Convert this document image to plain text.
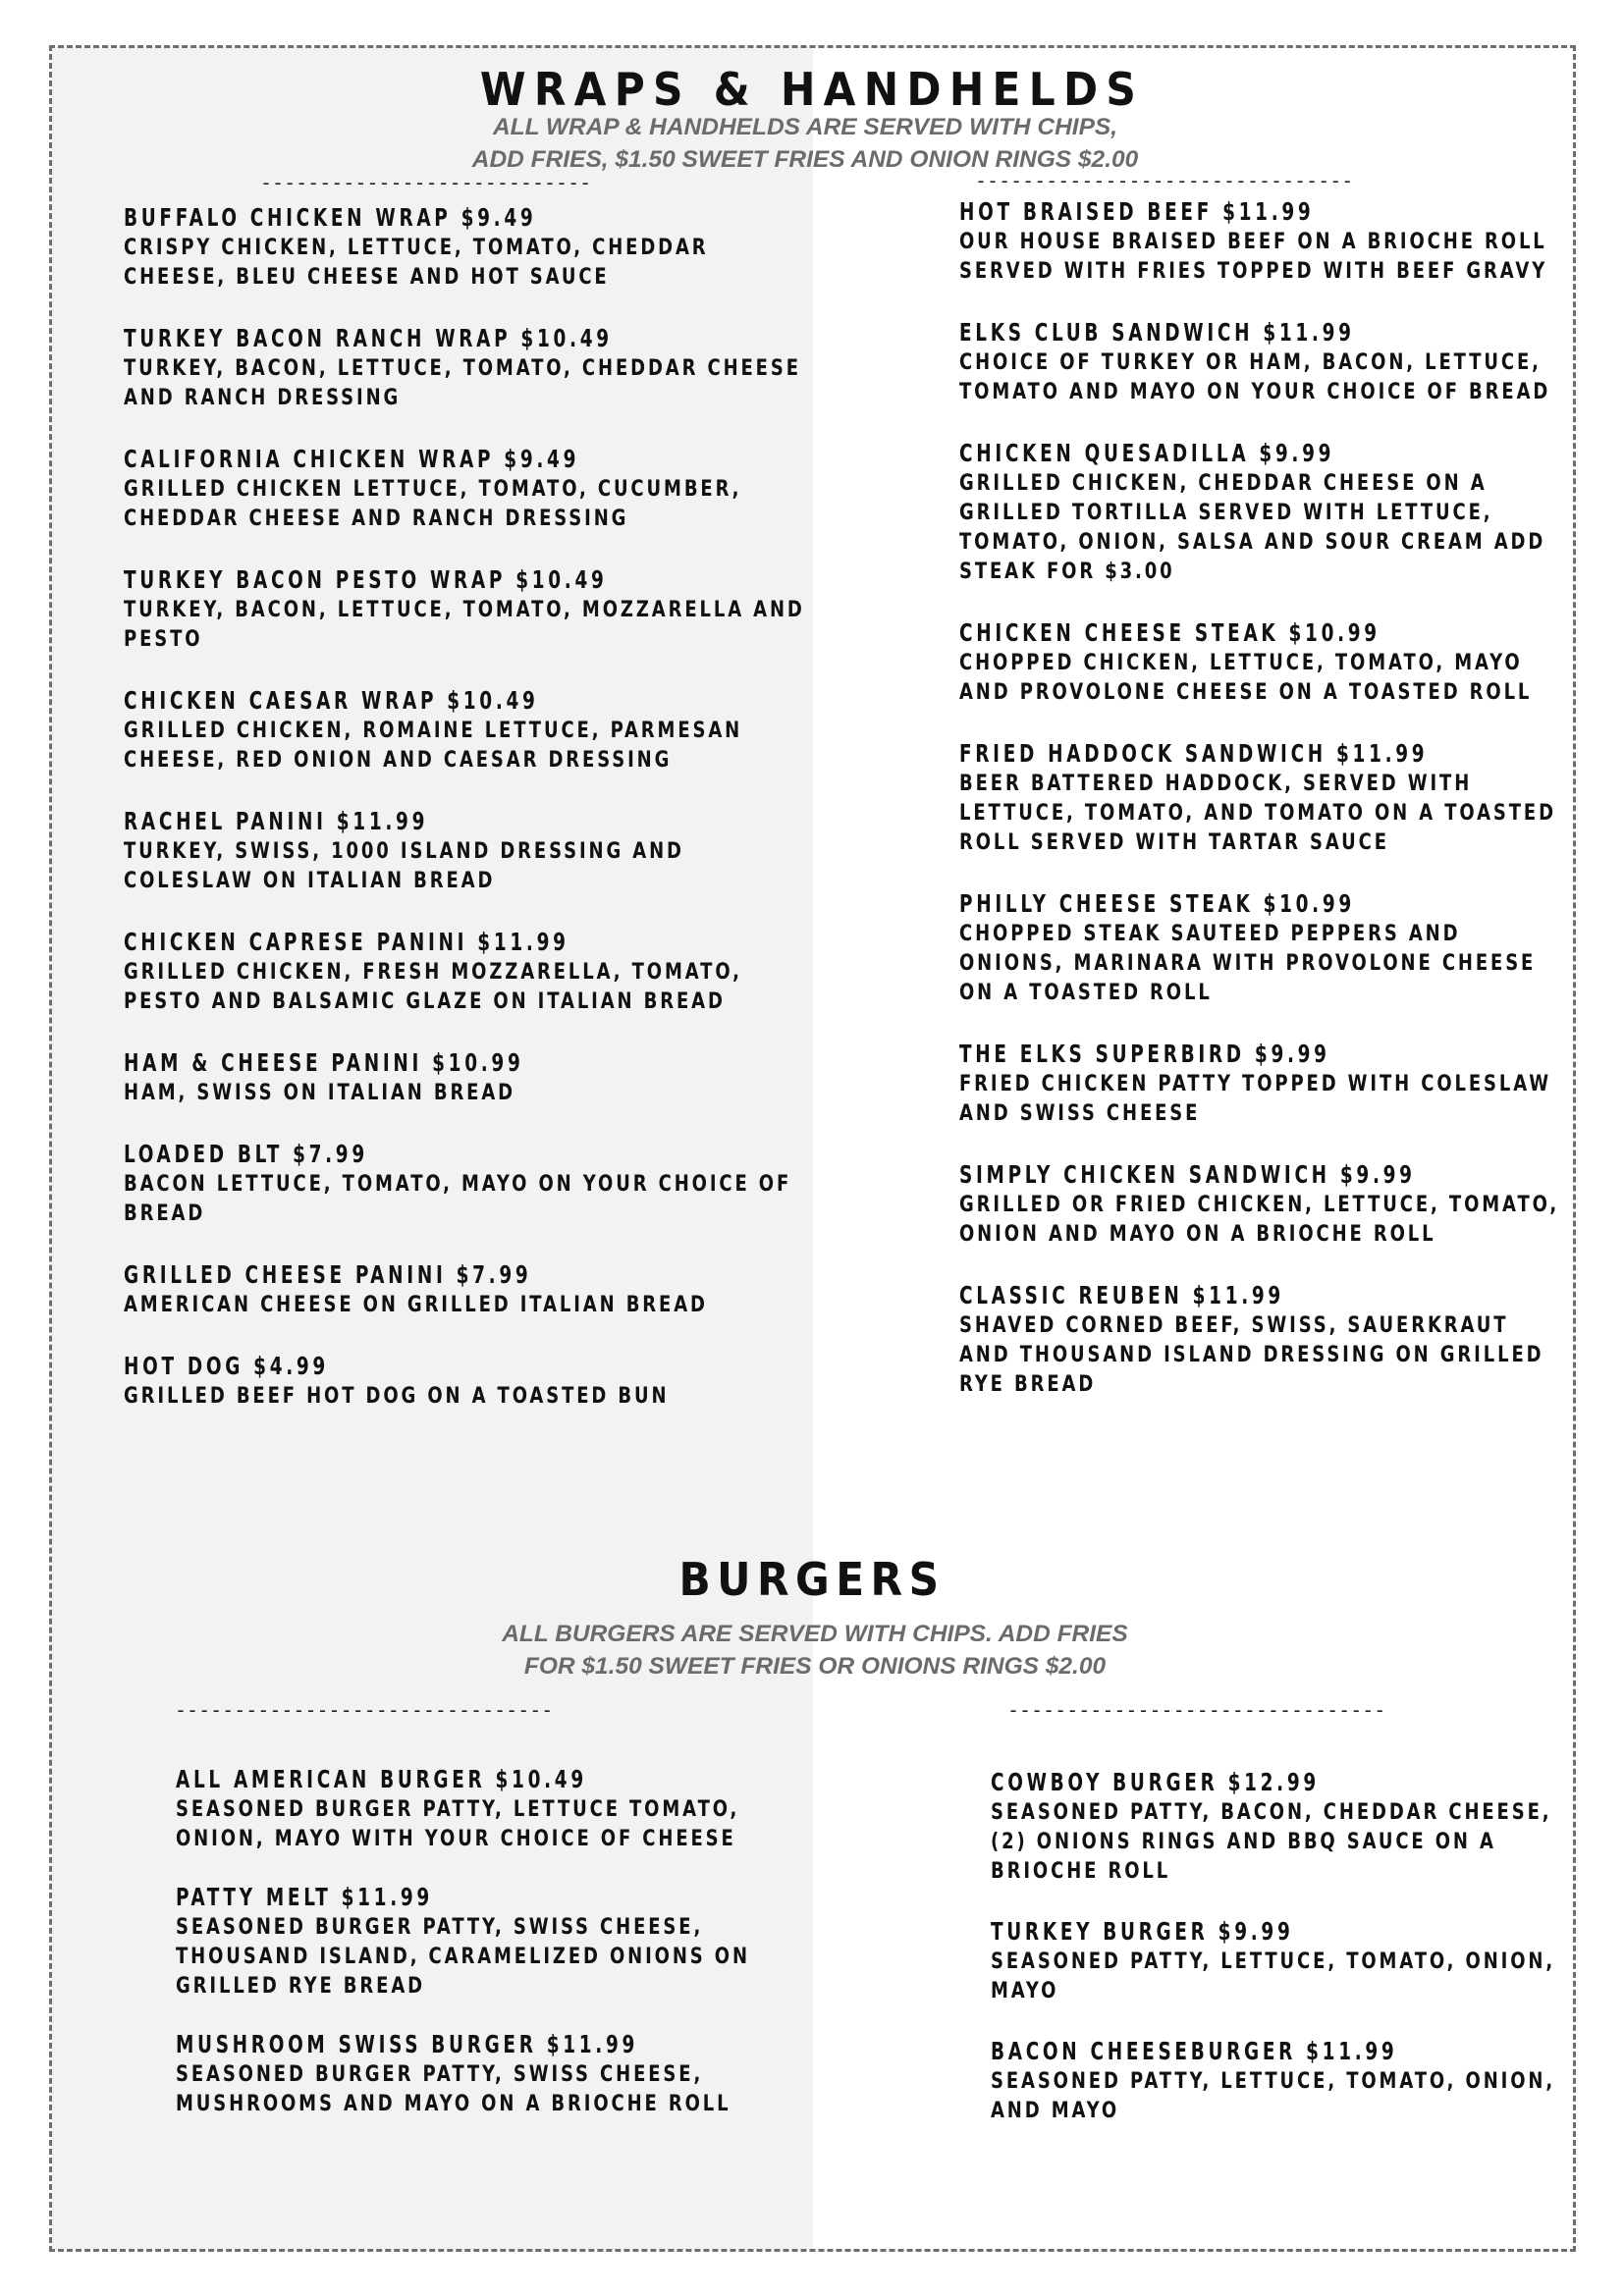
WRAPS & HANDHELDS
ALL WRAP & HANDHELDS ARE SERVED WITH CHIPS,
ADD FRIES, $1.50 SWEET FRIES AND ONION RINGS $2.00
----------------------------	--------------------------------
BUFFALO CHICKEN WRAP $9.49
CRISPY CHICKEN, LETTUCE, TOMATO, CHEDDAR CHEESE, BLEU CHEESE AND HOT SAUCE
TURKEY BACON RANCH WRAP $10.49
TURKEY, BACON, LETTUCE, TOMATO, CHEDDAR CHEESE AND RANCH DRESSING
CALIFORNIA CHICKEN WRAP $9.49
GRILLED CHICKEN LETTUCE, TOMATO, CUCUMBER, CHEDDAR CHEESE AND RANCH DRESSING
TURKEY BACON PESTO WRAP $10.49
TURKEY, BACON, LETTUCE, TOMATO, MOZZARELLA AND PESTO
CHICKEN CAESAR WRAP $10.49
GRILLED CHICKEN, ROMAINE LETTUCE, PARMESAN CHEESE, RED ONION AND CAESAR DRESSING
RACHEL PANINI $11.99
TURKEY, SWISS, 1000 ISLAND DRESSING AND COLESLAW ON ITALIAN BREAD
CHICKEN CAPRESE PANINI $11.99
GRILLED CHICKEN, FRESH MOZZARELLA, TOMATO, PESTO AND BALSAMIC GLAZE ON ITALIAN BREAD
HAM & CHEESE PANINI $10.99
HAM, SWISS ON ITALIAN BREAD
LOADED BLT $7.99
BACON LETTUCE, TOMATO, MAYO ON YOUR CHOICE OF BREAD
GRILLED CHEESE PANINI $7.99
AMERICAN CHEESE ON GRILLED ITALIAN BREAD
HOT DOG $4.99
GRILLED BEEF HOT DOG ON A TOASTED BUN
HOT BRAISED BEEF $11.99
OUR HOUSE BRAISED BEEF ON A BRIOCHE ROLL SERVED WITH FRIES TOPPED WITH BEEF GRAVY
ELKS CLUB SANDWICH $11.99
CHOICE OF TURKEY OR HAM, BACON, LETTUCE, TOMATO AND MAYO ON YOUR CHOICE OF BREAD
CHICKEN QUESADILLA $9.99
GRILLED CHICKEN, CHEDDAR CHEESE ON A GRILLED TORTILLA SERVED WITH LETTUCE, TOMATO, ONION, SALSA AND SOUR CREAM ADD STEAK FOR $3.00
CHICKEN CHEESE STEAK $10.99
CHOPPED CHICKEN, LETTUCE, TOMATO, MAYO AND PROVOLONE CHEESE ON A TOASTED ROLL
FRIED HADDOCK SANDWICH $11.99
BEER BATTERED HADDOCK, SERVED WITH LETTUCE, TOMATO, AND TOMATO ON A TOASTED ROLL SERVED WITH TARTAR SAUCE
PHILLY CHEESE STEAK $10.99
CHOPPED STEAK SAUTEED PEPPERS AND ONIONS, MARINARA WITH PROVOLONE CHEESE ON A TOASTED ROLL
THE ELKS SUPERBIRD $9.99
FRIED CHICKEN PATTY TOPPED WITH COLESLAW AND SWISS CHEESE
SIMPLY CHICKEN SANDWICH $9.99
GRILLED OR FRIED CHICKEN, LETTUCE, TOMATO, ONION AND MAYO ON A BRIOCHE ROLL
CLASSIC REUBEN $11.99
SHAVED CORNED BEEF, SWISS, SAUERKRAUT AND THOUSAND ISLAND DRESSING ON GRILLED RYE BREAD
BURGERS
ALL BURGERS ARE SERVED WITH CHIPS. ADD FRIES
FOR $1.50 SWEET FRIES OR ONIONS RINGS $2.00
--------------------------------	--------------------------------
ALL AMERICAN BURGER $10.49
SEASONED BURGER PATTY, LETTUCE TOMATO, ONION, MAYO WITH YOUR CHOICE OF CHEESE
PATTY MELT $11.99
SEASONED BURGER PATTY, SWISS CHEESE, THOUSAND ISLAND, CARAMELIZED ONIONS ON GRILLED RYE BREAD
MUSHROOM SWISS BURGER $11.99
SEASONED BURGER PATTY, SWISS CHEESE, MUSHROOMS AND MAYO ON A BRIOCHE ROLL
COWBOY BURGER $12.99
SEASONED PATTY, BACON, CHEDDAR CHEESE, (2) ONIONS RINGS AND BBQ SAUCE ON A BRIOCHE ROLL
TURKEY BURGER $9.99
SEASONED PATTY, LETTUCE, TOMATO, ONION, MAYO
BACON CHEESEBURGER $11.99
SEASONED PATTY, LETTUCE, TOMATO, ONION, AND MAYO
